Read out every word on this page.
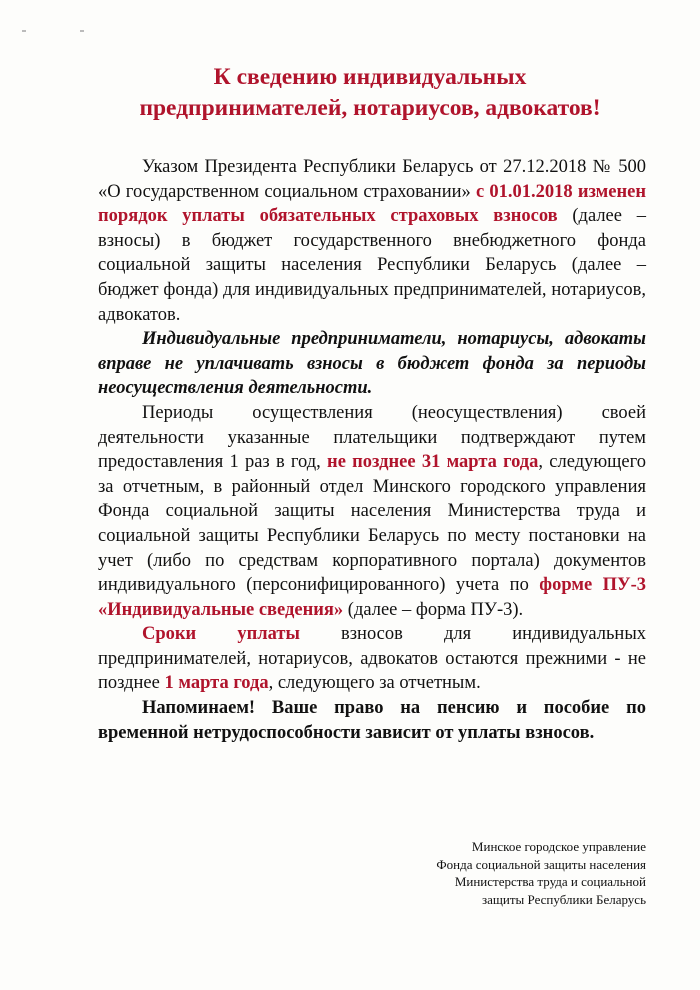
К сведению индивидуальных
предпринимателей, нотариусов, адвокатов!

Указом Президента Республики Беларусь от 27.12.2018 № 500 «О государственном социальном страховании» с 01.01.2018 изменен порядок уплаты обязательных страховых взносов (далее – взносы) в бюджет государственного внебюджетного фонда социальной защиты населения Республики Беларусь (далее – бюджет фонда) для индивидуальных предпринимателей, нотариусов, адвокатов.

Индивидуальные предприниматели, нотариусы, адвокаты вправе не уплачивать взносы в бюджет фонда за периоды неосуществления деятельности.

Периоды осуществления (неосуществления) своей деятельности указанные плательщики подтверждают путем предоставления 1 раз в год, не позднее 31 марта года, следующего за отчетным, в районный отдел Минского городского управления Фонда социальной защиты населения Министерства труда и социальной защиты Республики Беларусь по месту постановки на учет (либо по средствам корпоративного портала) документов индивидуального (персонифицированного) учета по форме ПУ-3 «Индивидуальные сведения» (далее – форма ПУ-3).

Сроки уплаты взносов для индивидуальных предпринимателей, нотариусов, адвокатов остаются прежними - не позднее 1 марта года, следующего за отчетным.

Напоминаем! Ваше право на пенсию и пособие по временной нетрудоспособности зависит от уплаты взносов.

Минское городское управление
Фонда социальной защиты населения
Министерства труда и социальной
защиты Республики Беларусь
